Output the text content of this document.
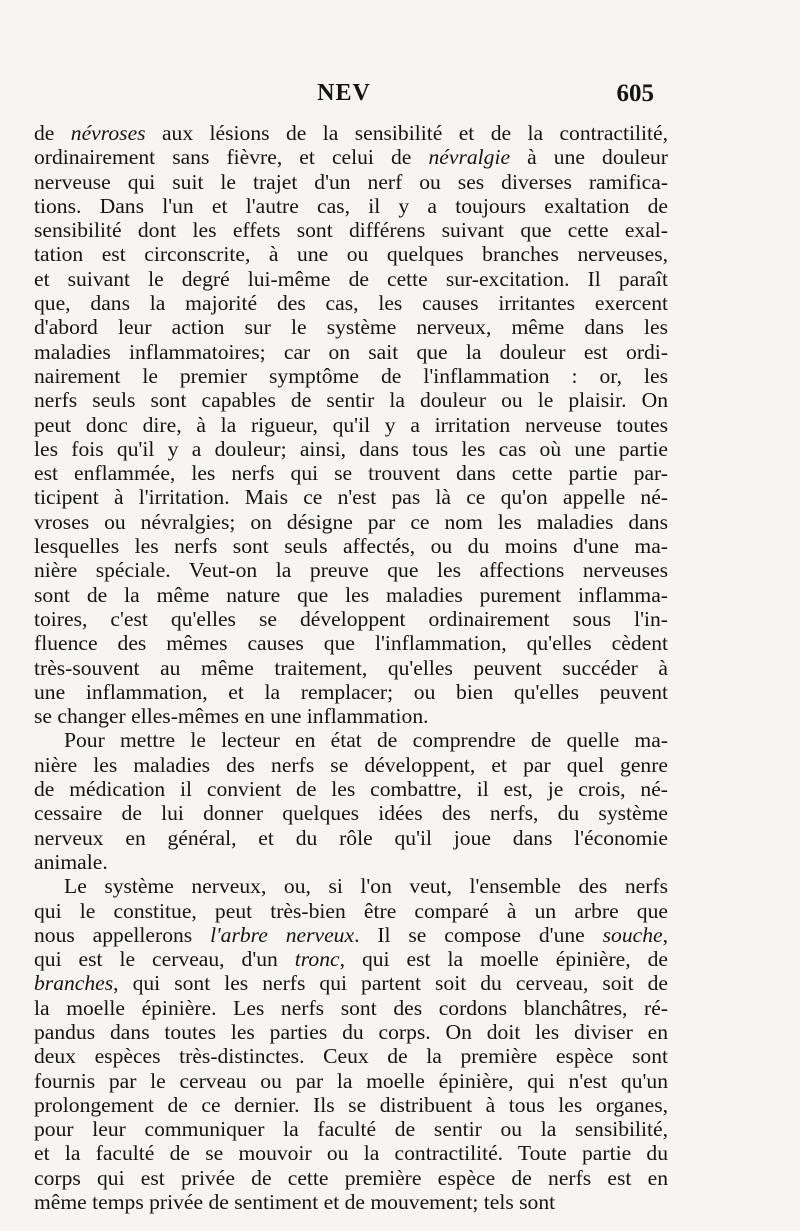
NEV	605
de névroses aux lésions de la sensibilité et de la contractilité,
ordinairement sans fièvre, et celui de névralgie à une douleur
nerveuse qui suit le trajet d'un nerf ou ses diverses ramifica-
tions. Dans l'un et l'autre cas, il y a toujours exaltation de
sensibilité dont les effets sont différens suivant que cette exal-
tation est circonscrite, à une ou quelques branches nerveuses,
et suivant le degré lui-même de cette sur-excitation. Il paraît
que, dans la majorité des cas, les causes irritantes exercent
d'abord leur action sur le système nerveux, même dans les
maladies inflammatoires; car on sait que la douleur est ordi-
nairement le premier symptôme de l'inflammation : or, les
nerfs seuls sont capables de sentir la douleur ou le plaisir. On
peut donc dire, à la rigueur, qu'il y a irritation nerveuse toutes
les fois qu'il y a douleur; ainsi, dans tous les cas où une partie
est enflammée, les nerfs qui se trouvent dans cette partie par-
ticipent à l'irritation. Mais ce n'est pas là ce qu'on appelle né-
vroses ou névralgies; on désigne par ce nom les maladies dans
lesquelles les nerfs sont seuls affectés, ou du moins d'une ma-
nière spéciale. Veut-on la preuve que les affections nerveuses
sont de la même nature que les maladies purement inflamma-
toires, c'est qu'elles se développent ordinairement sous l'in-
fluence des mêmes causes que l'inflammation, qu'elles cèdent
très-souvent au même traitement, qu'elles peuvent succéder à
une inflammation, et la remplacer; ou bien qu'elles peuvent
se changer elles-mêmes en une inflammation.
Pour mettre le lecteur en état de comprendre de quelle ma-
nière les maladies des nerfs se développent, et par quel genre
de médication il convient de les combattre, il est, je crois, né-
cessaire de lui donner quelques idées des nerfs, du système
nerveux en général, et du rôle qu'il joue dans l'économie
animale.
Le système nerveux, ou, si l'on veut, l'ensemble des nerfs
qui le constitue, peut très-bien être comparé à un arbre que
nous appellerons l'arbre nerveux. Il se compose d'une souche,
qui est le cerveau, d'un tronc, qui est la moelle épinière, de
branches, qui sont les nerfs qui partent soit du cerveau, soit de
la moelle épinière. Les nerfs sont des cordons blanchâtres, ré-
pandus dans toutes les parties du corps. On doit les diviser en
deux espèces très-distinctes. Ceux de la première espèce sont
fournis par le cerveau ou par la moelle épinière, qui n'est qu'un
prolongement de ce dernier. Ils se distribuent à tous les organes,
pour leur communiquer la faculté de sentir ou la sensibilité,
et la faculté de se mouvoir ou la contractilité. Toute partie du
corps qui est privée de cette première espèce de nerfs est en
même temps privée de sentiment et de mouvement; tels sont
